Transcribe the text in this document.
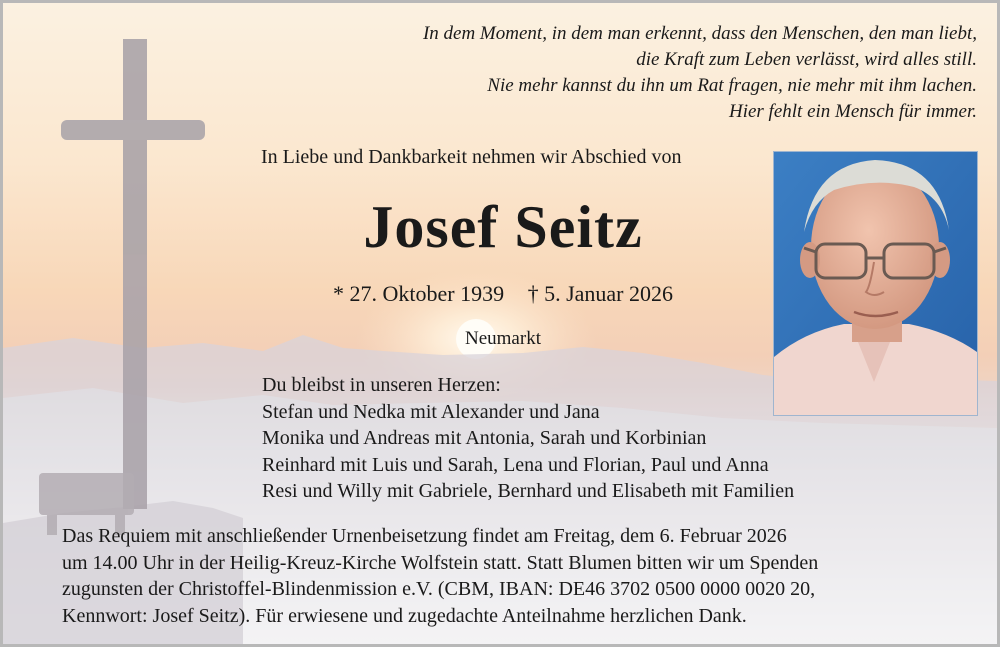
In dem Moment, in dem man erkennt, dass den Menschen, den man liebt,
die Kraft zum Leben verlässt, wird alles still.
Nie mehr kannst du ihn um Rat fragen, nie mehr mit ihm lachen.
Hier fehlt ein Mensch für immer.
In Liebe und Dankbarkeit nehmen wir Abschied von
Josef Seitz
* 27. Oktober 1939 † 5. Januar 2026
Neumarkt
Du bleibst in unseren Herzen:
Stefan und Nedka mit Alexander und Jana
Monika und Andreas mit Antonia, Sarah und Korbinian
Reinhard mit Luis und Sarah, Lena und Florian, Paul und Anna
Resi und Willy mit Gabriele, Bernhard und Elisabeth mit Familien
Das Requiem mit anschließender Urnenbeisetzung findet am Freitag, dem 6. Februar 2026
um 14.00 Uhr in der Heilig-Kreuz-Kirche Wolfstein statt. Statt Blumen bitten wir um Spenden
zugunsten der Christoffel-Blindenmission e.V. (CBM, IBAN: DE46 3702 0500 0000 0020 20,
Kennwort: Josef Seitz). Für erwiesene und zugedachte Anteilnahme herzlichen Dank.
